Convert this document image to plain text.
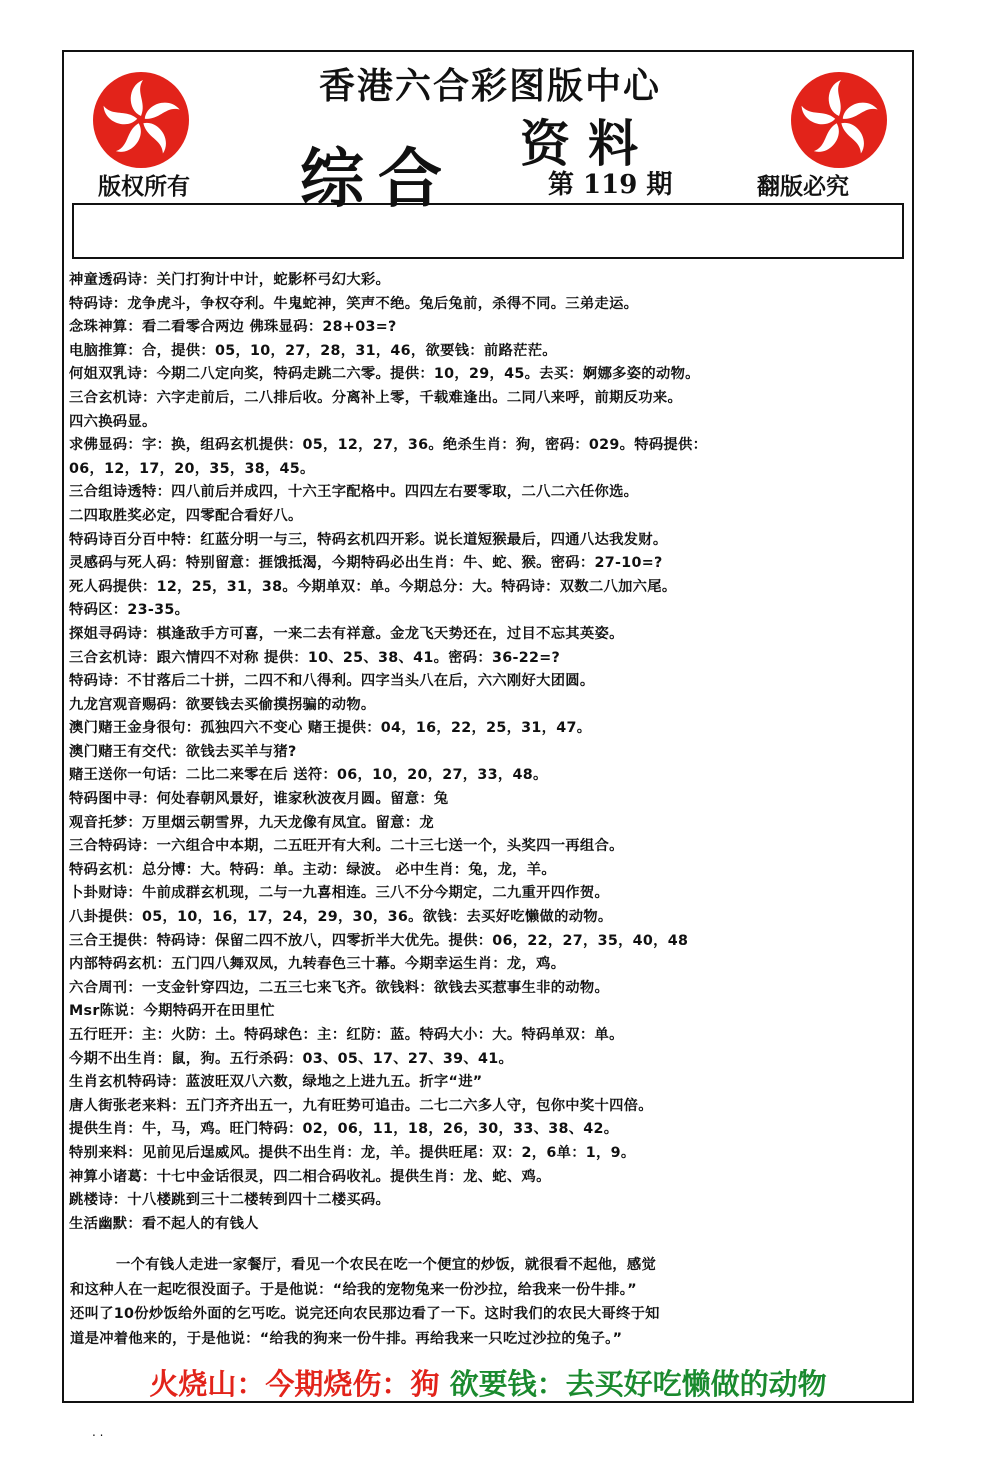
香港六合彩图版中心
综合 资料
第 119 期
版权所有	翻版必究
神童透码诗：关门打狗计中计，蛇影杯弓幻大彩。
特码诗：龙争虎斗，争权夺利。牛鬼蛇神，笑声不绝。兔后兔前，杀得不同。三弟走运。
念珠神算：看二看零合两边 佛珠显码：28+03=?
电脑推算：合，提供：05，10，27，28，31，46，欲要钱：前路茫茫。
何姐双乳诗：今期二八定向奖，特码走跳二六零。提供：10，29，45。去买：婀娜多姿的动物。
三合玄机诗：六字走前后，二八排后收。分离补上零，千载难逢出。二同八来呼，前期反功来。
四六换码显。
求佛显码：字：换，组码玄机提供：05，12，27，36。绝杀生肖：狗，密码：029。特码提供：
06，12，17，20，35，38，45。
三合组诗透特：四八前后并成四，十六王字配格中。四四左右要零取，二八二六任你选。
二四取胜奖必定，四零配合看好八。
特码诗百分百中特：红蓝分明一与三，特码玄机四开彩。说长道短猴最后，四通八达我发财。
灵感码与死人码：特别留意：捱饿抵渴，今期特码必出生肖：牛、蛇、猴。密码：27-10=?
死人码提供：12，25，31，38。今期单双：单。今期总分：大。特码诗：双数二八加六尾。
特码区：23-35。
探姐寻码诗：棋逢敌手方可喜，一来二去有祥意。金龙飞天势还在，过目不忘其英姿。
三合玄机诗：跟六情四不对称 提供：10、25、38、41。密码：36-22=?
特码诗：不甘落后二十拼，二四不和八得利。四字当头八在后，六六刚好大团圆。
九龙宫观音赐码：欲要钱去买偷摸拐骗的动物。
澳门赌王金身很句：孤独四六不变心 赌王提供：04，16，22，25，31，47。
澳门赌王有交代：欲钱去买羊与猪?
赌王送你一句话：二比二来零在后 送符：06，10，20，27，33，48。
特码图中寻：何处春朝风景好，谁家秋波夜月圆。留意：兔
观音托梦：万里烟云朝雪界，九天龙像有凤宜。留意：龙
三合特码诗：一六组合中本期，二五旺开有大利。二十三七送一个，头奖四一再组合。
特码玄机：总分博：大。特码：单。主动：绿波。 必中生肖：兔，龙，羊。
卜卦财诗：牛前成群玄机现，二与一九喜相连。三八不分今期定，二九重开四作贺。
八卦提供：05，10，16，17，24，29，30，36。欲钱：去买好吃懒做的动物。
三合王提供：特码诗：保留二四不放八，四零折半大优先。提供：06，22，27，35，40，48
内部特码玄机：五门四八舞双凤，九转春色三十幕。今期幸运生肖：龙，鸡。
六合周刊：一支金针穿四边，二五三七来飞齐。欲钱料：欲钱去买惹事生非的动物。
Msr陈说：今期特码开在田里忙
五行旺开：主：火防：土。特码球色：主：红防：蓝。特码大小：大。特码单双：单。
今期不出生肖：鼠，狗。五行杀码：03、05、17、27、39、41。
生肖玄机特码诗：蓝波旺双八六数，绿地之上进九五。折字“进”
唐人街张老来料：五门齐齐出五一，九有旺势可追击。二七二六多人守，包你中奖十四倍。
提供生肖：牛，马，鸡。旺门特码：02，06，11，18，26，30，33、38、42。
特别来料：见前见后逞威风。提供不出生肖：龙，羊。提供旺尾：双：2，6单：1，9。
神算小诸葛：十七中金话很灵，四二相合码收礼。提供生肖：龙、蛇、鸡。
跳楼诗：十八楼跳到三十二楼转到四十二楼买码。
生活幽默：看不起人的有钱人
一个有钱人走进一家餐厅，看见一个农民在吃一个便宜的炒饭，就很看不起他，感觉
和这种人在一起吃很没面子。于是他说：“给我的宠物兔来一份沙拉，给我来一份牛排。”
还叫了10份炒饭给外面的乞丐吃。说完还向农民那边看了一下。这时我们的农民大哥终于知
道是冲着他来的，于是他说：“给我的狗来一份牛排。再给我来一只吃过沙拉的兔子。”
火烧山：今期烧伤：狗 欲要钱：去买好吃懒做的动物
. .
